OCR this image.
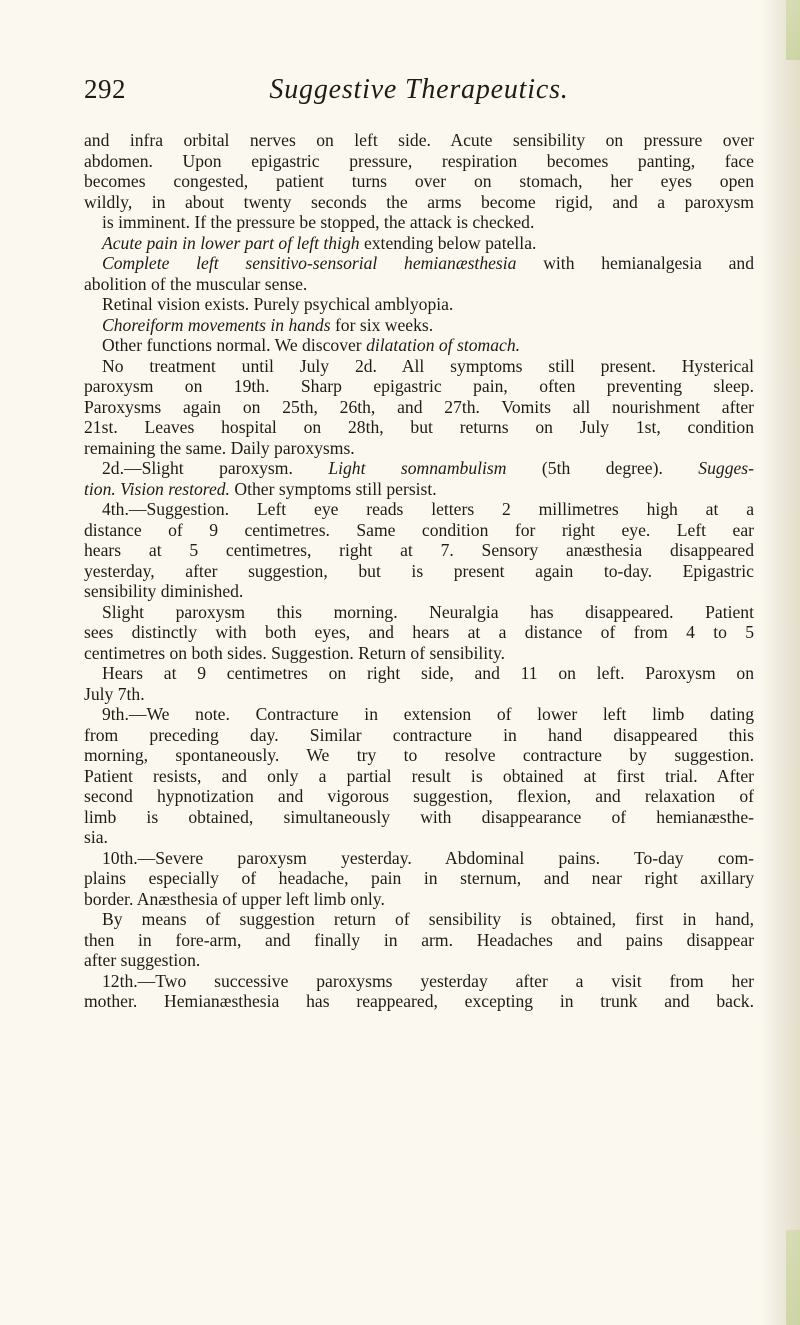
292	Suggestive Therapeutics.
and infra orbital nerves on left side. Acute sensibility on pressure over
abdomen. Upon epigastric pressure, respiration becomes panting, face
becomes congested, patient turns over on stomach, her eyes open
wildly, in about twenty seconds the arms become rigid, and a paroxysm
is imminent. If the pressure be stopped, the attack is checked.
Acute pain in lower part of left thigh extending below patella.
Complete left sensitivo-sensorial hemianæsthesia with hemianalgesia and
abolition of the muscular sense.
Retinal vision exists. Purely psychical amblyopia.
Choreiform movements in hands for six weeks.
Other functions normal. We discover dilatation of stomach.
No treatment until July 2d. All symptoms still present. Hysterical
paroxysm on 19th. Sharp epigastric pain, often preventing sleep.
Paroxysms again on 25th, 26th, and 27th. Vomits all nourishment after
21st. Leaves hospital on 28th, but returns on July 1st, condition
remaining the same. Daily paroxysms.
2d.—Slight paroxysm. Light somnambulism (5th degree). Sugges-
tion. Vision restored. Other symptoms still persist.
4th.—Suggestion. Left eye reads letters 2 millimetres high at a
distance of 9 centimetres. Same condition for right eye. Left ear
hears at 5 centimetres, right at 7. Sensory anæsthesia disappeared
yesterday, after suggestion, but is present again to-day. Epigastric
sensibility diminished.
Slight paroxysm this morning. Neuralgia has disappeared. Patient
sees distinctly with both eyes, and hears at a distance of from 4 to 5
centimetres on both sides. Suggestion. Return of sensibility.
Hears at 9 centimetres on right side, and 11 on left. Paroxysm on
July 7th.
9th.—We note. Contracture in extension of lower left limb dating
from preceding day. Similar contracture in hand disappeared this
morning, spontaneously. We try to resolve contracture by suggestion.
Patient resists, and only a partial result is obtained at first trial. After
second hypnotization and vigorous suggestion, flexion, and relaxation of
limb is obtained, simultaneously with disappearance of hemianæsthe-
sia.
10th.—Severe paroxysm yesterday. Abdominal pains. To-day com-
plains especially of headache, pain in sternum, and near right axillary
border. Anæsthesia of upper left limb only.
By means of suggestion return of sensibility is obtained, first in hand,
then in fore-arm, and finally in arm. Headaches and pains disappear
after suggestion.
12th.—Two successive paroxysms yesterday after a visit from her
mother. Hemianæsthesia has reappeared, excepting in trunk and back.
